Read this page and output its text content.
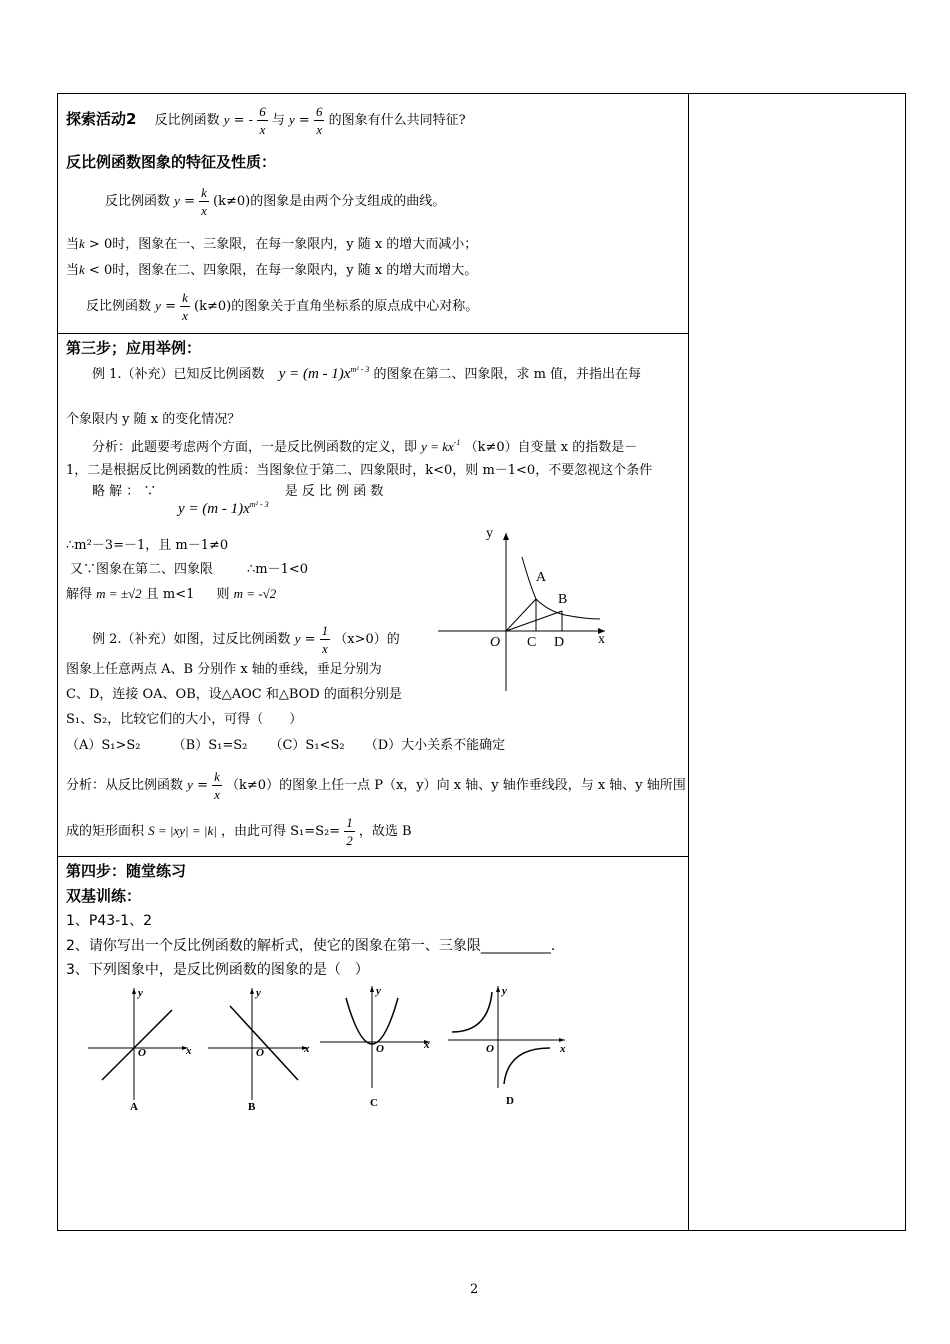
探索活动2 反比例函数 y = - $\frac{6}{x}$ 与 $y = \frac{6}{x}$ 的图象有什么共同特征?
反比例函数图象的特征及性质：
反比例函数 $y = \frac{k}{x} (k\ne 0)$的图象是由两个分支组成的曲线。
当k > 0时，图象在一、三象限，在每一象限内，y 随 x 的增大而减小；
当k < 0时，图象在二、四象限，在每一象限内，y 随 x 的增大而增大。
反比例函数 $y = \frac{k}{x} (k\ne 0)$的图象关于直角坐标系的原点成中心对称。
第三步；应用举例：
例 1.（补充）已知反比例函数 $y = (m - 1)x^{m^2 - 3}$ 的图象在第二、四象限，求 m 值，并指出在每
个象限内 y 随 x 的变化情况？
分析：此题要考虑两个方面，一是反比例函数的定义，即 $y = kx^{-1}$ （k≠0）自变量 x 的指数是－
1，二是根据反比例函数的性质：当图象位于第二、四象限时，k<0，则 m－1<0，不要忽视这个条件
略 解 ： ∵	是 反 比 例 函 数
$y = (m - 1)x^{m^2 - 3}$
∴m²－3=－1，且 m－1≠0
又∵图象在第二、四象限	∴m－1<0
解得 m = ±√2 且 m<1 则 m = -√2
例 2.（补充）如图，过反比例函数 $y = \frac{1}{x} (x>0)$的
图象上任意两点 A、B 分别作 x 轴的垂线，垂足分别为
C、D，连接 OA、OB，设△AOC 和△BOD 的面积分别是
S₁、S₂，比较它们的大小，可得（　　）
（A）S₁>S₂ （B）S₁=S₂ （C）S₁<S₂ （D）大小关系不能确定
分析：从反比例函数 $y = \frac{k}{x} (k\ne 0)$的图象上任一点 P（x，y）向 x 轴、y 轴作垂线段，与 x 轴、y 轴所围
成的矩形面积 S = |xy| = |k| ，由此可得 $S_1=S_2= \frac{1}{2}$ ，故选 B
y
x
O
A
B
C D
第四步：随堂练习
双基训练：
1、P43-1、2
2、请你写出一个反比例函数的解析式，使它的图象在第一、三象限__________.
3、下列图象中，是反比例函数的图象的是（　）
O	x
y
A
O	x
y
B
O	x
y
C
O	x
y
D
2
